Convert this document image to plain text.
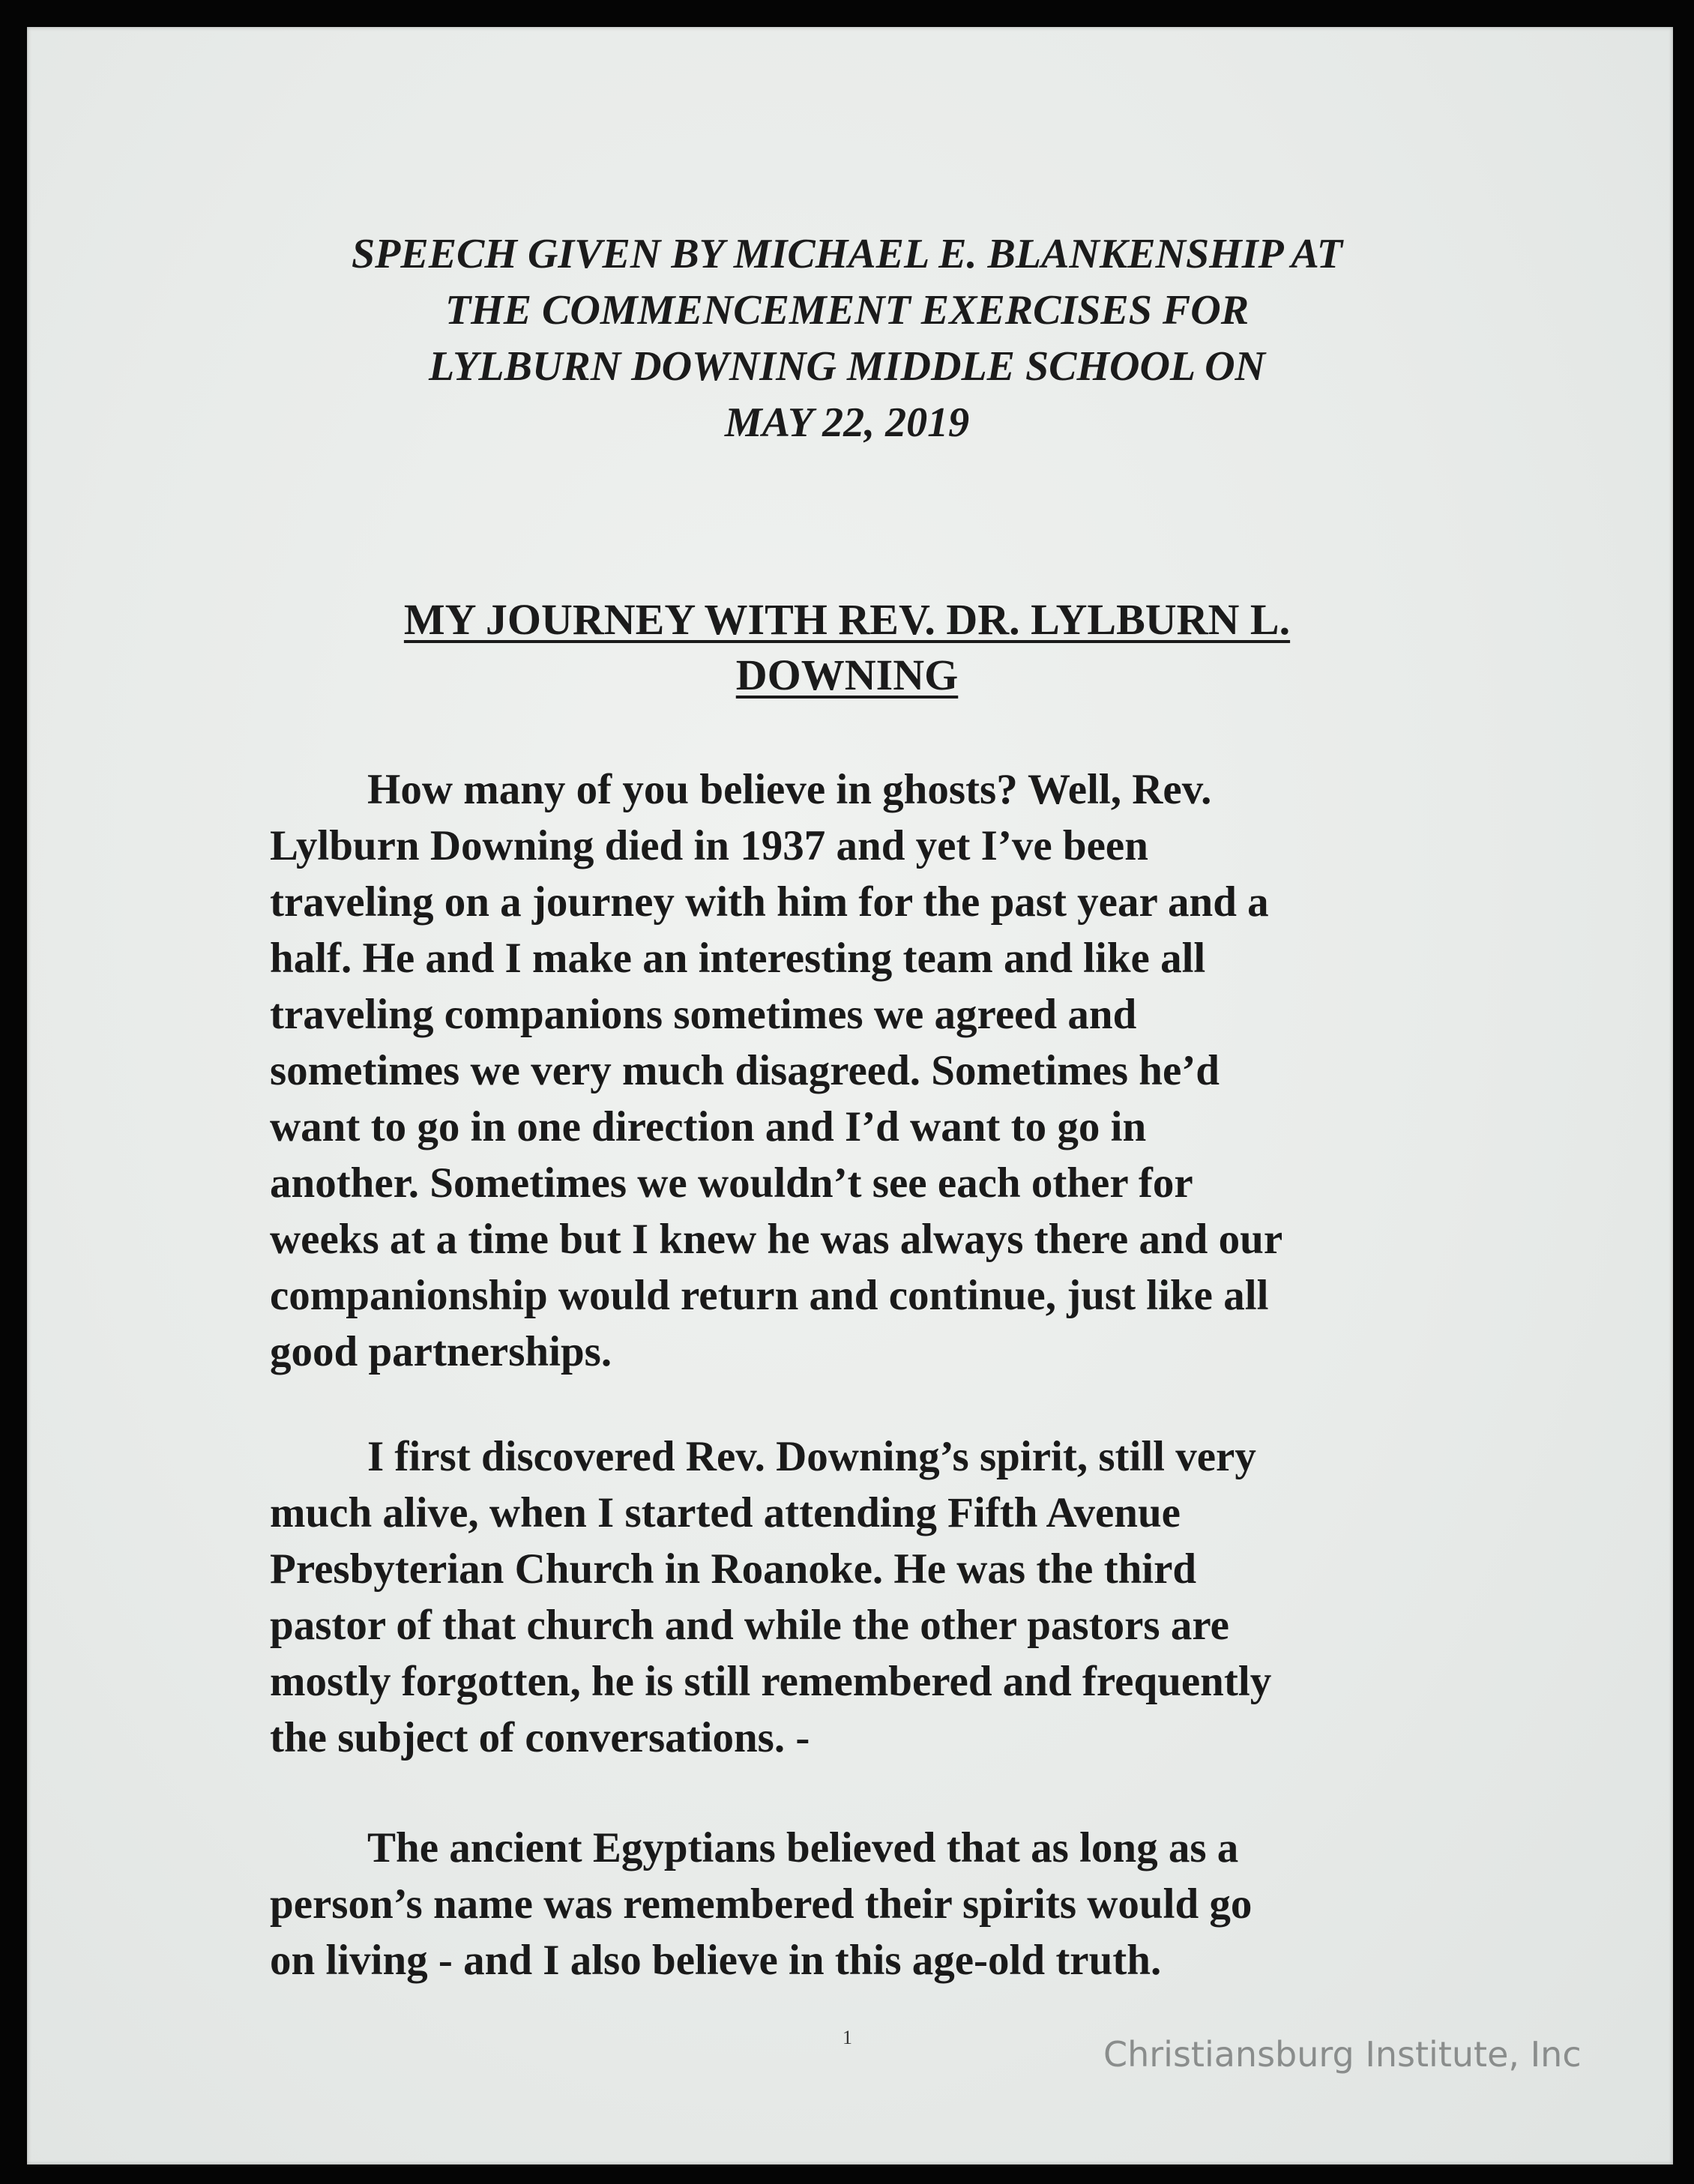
SPEECH GIVEN BY MICHAEL E. BLANKENSHIP AT
THE COMMENCEMENT EXERCISES FOR
LYLBURN DOWNING MIDDLE SCHOOL ON
MAY 22, 2019
MY JOURNEY WITH REV. DR. LYLBURN L.
DOWNING
How many of you believe in ghosts? Well, Rev.
Lylburn Downing died in 1937 and yet I’ve been
traveling on a journey with him for the past year and a
half. He and I make an interesting team and like all
traveling companions sometimes we agreed and
sometimes we very much disagreed. Sometimes he’d
want to go in one direction and I’d want to go in
another. Sometimes we wouldn’t see each other for
weeks at a time but I knew he was always there and our
companionship would return and continue, just like all
good partnerships.
I first discovered Rev. Downing’s spirit, still very
much alive, when I started attending Fifth Avenue
Presbyterian Church in Roanoke. He was the third
pastor of that church and while the other pastors are
mostly forgotten, he is still remembered and frequently
the subject of conversations. -
The ancient Egyptians believed that as long as a
person’s name was remembered their spirits would go
on living - and I also believe in this age-old truth.
1	Christiansburg Institute, Inc
